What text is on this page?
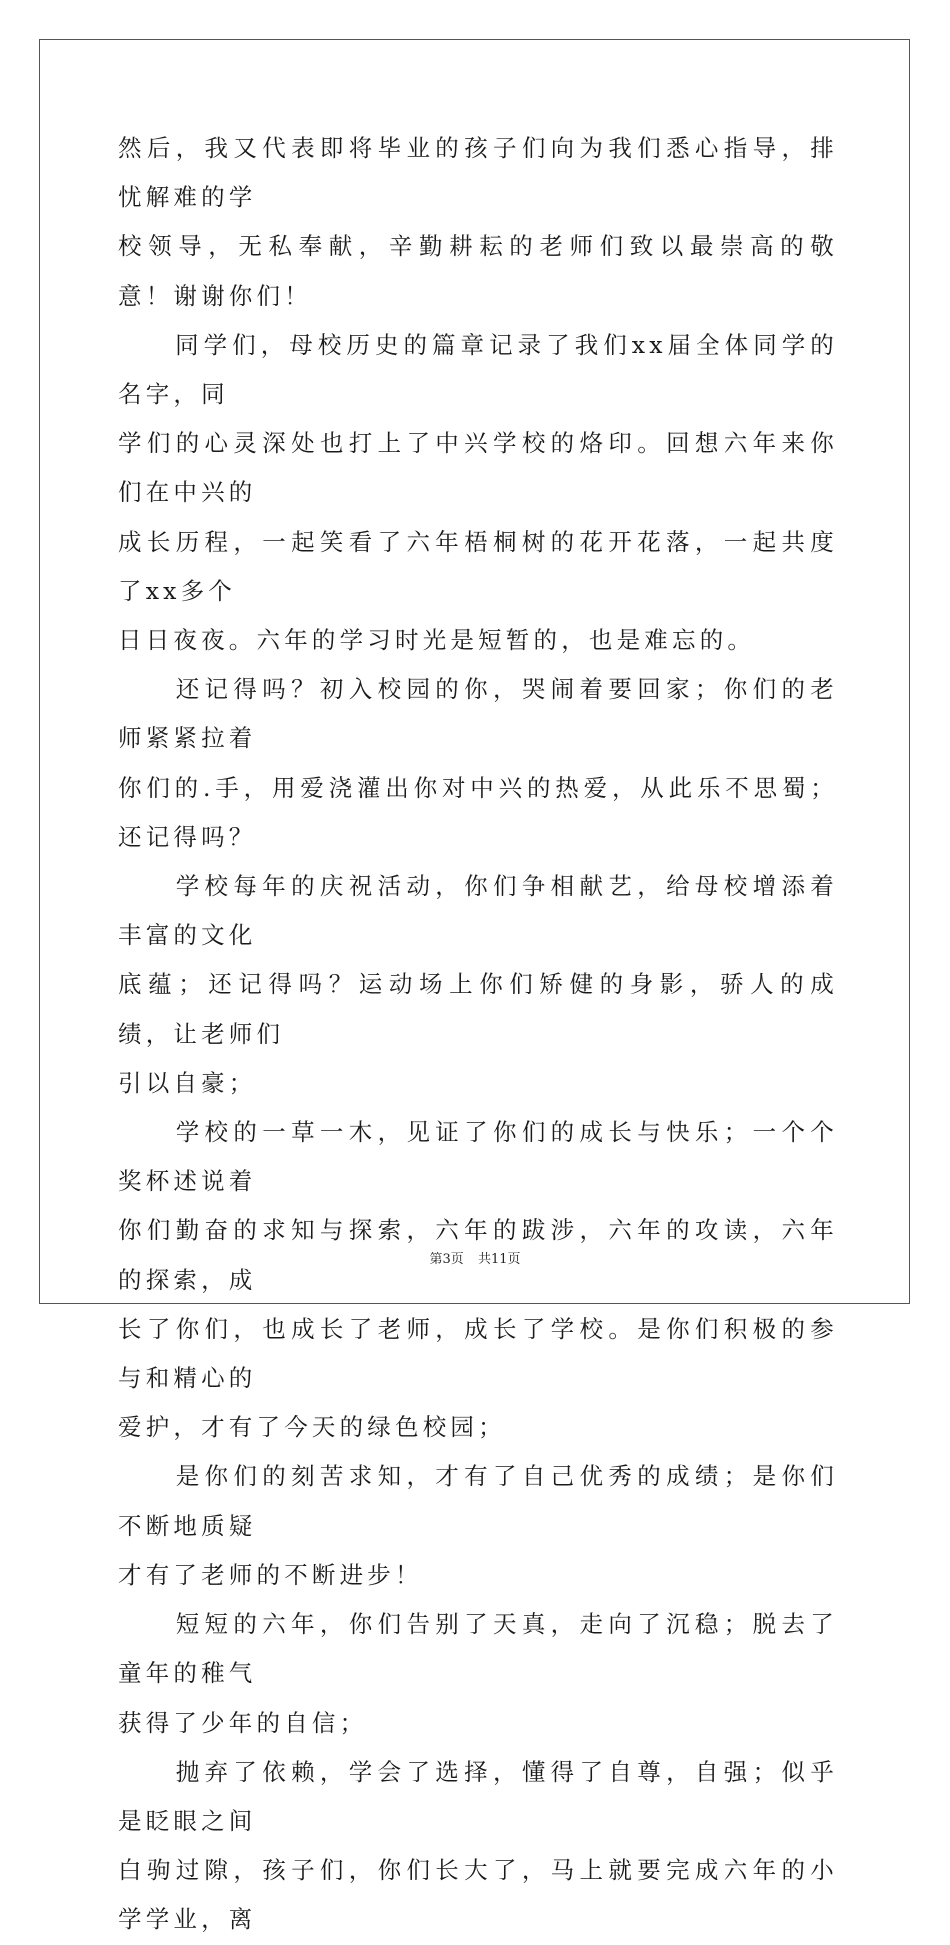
然后，我又代表即将毕业的孩子们向为我们悉心指导，排忧解难的学
校领导，无私奉献，辛勤耕耘的老师们致以最崇高的敬意！谢谢你们！
　　同学们，母校历史的篇章记录了我们xx届全体同学的名字，同
学们的心灵深处也打上了中兴学校的烙印。回想六年来你们在中兴的
成长历程，一起笑看了六年梧桐树的花开花落，一起共度了xx多个
日日夜夜。六年的学习时光是短暂的，也是难忘的。
　　还记得吗？初入校园的你，哭闹着要回家；你们的老师紧紧拉着
你们的.手，用爱浇灌出你对中兴的热爱，从此乐不思蜀；还记得吗？
　　学校每年的庆祝活动，你们争相献艺，给母校增添着丰富的文化
底蕴；还记得吗？运动场上你们矫健的身影，骄人的成绩，让老师们
引以自豪；
　　学校的一草一木，见证了你们的成长与快乐；一个个奖杯述说着
你们勤奋的求知与探索，六年的跋涉，六年的攻读，六年的探索，成
长了你们，也成长了老师，成长了学校。是你们积极的参与和精心的
爱护，才有了今天的绿色校园；
　　是你们的刻苦求知，才有了自己优秀的成绩；是你们不断地质疑
才有了老师的不断进步！
　　短短的六年，你们告别了天真，走向了沉稳；脱去了童年的稚气
获得了少年的自信；
　　抛弃了依赖，学会了选择，懂得了自尊，自强；似乎是眨眼之间
白驹过隙，孩子们，你们长大了，马上就要完成六年的小学学业，离
第3页 共11页
